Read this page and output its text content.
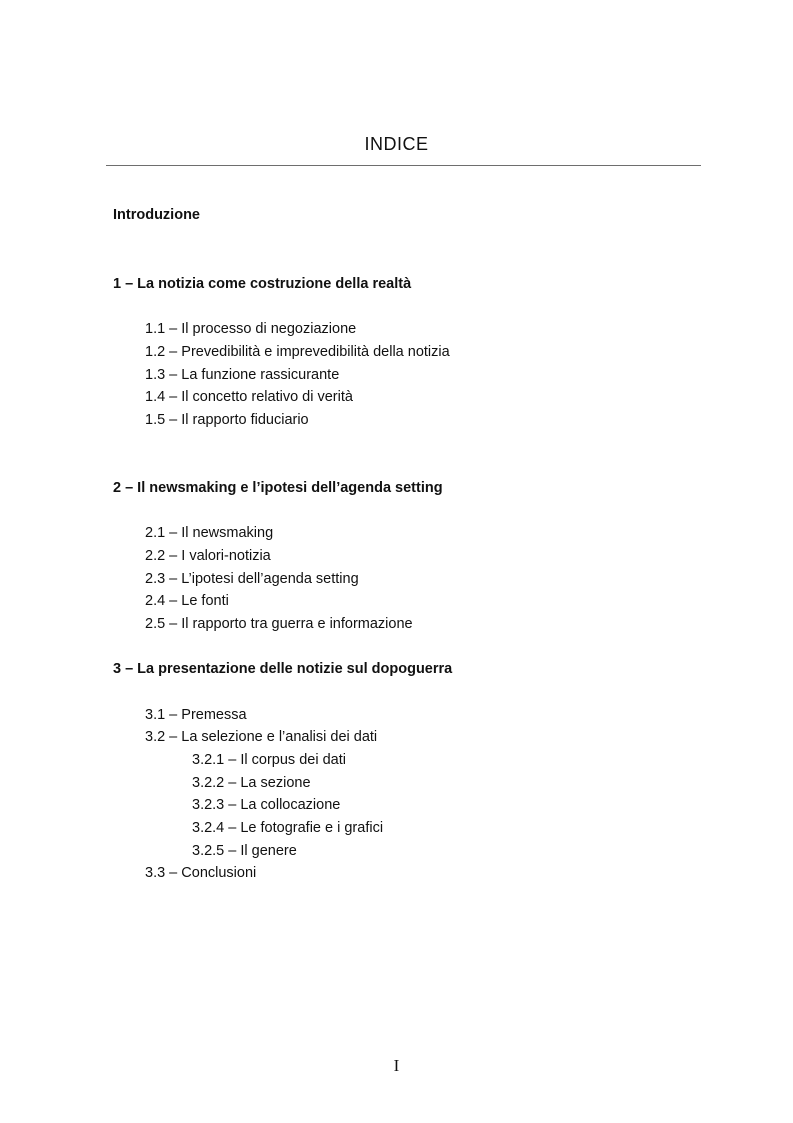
INDICE
Introduzione
1 – La notizia come costruzione della realtà
1.1 – Il processo di negoziazione
1.2 – Prevedibilità e imprevedibilità della notizia
1.3 – La funzione rassicurante
1.4 – Il concetto relativo di verità
1.5 – Il rapporto fiduciario
2 – Il newsmaking e l’ipotesi dell’agenda setting
2.1 – Il newsmaking
2.2 – I valori-notizia
2.3 – L’ipotesi dell’agenda setting
2.4 – Le fonti
2.5 – Il rapporto tra guerra e informazione
3 – La presentazione delle notizie sul dopoguerra
3.1 – Premessa
3.2 – La selezione e l’analisi dei dati
3.2.1 – Il corpus dei dati
3.2.2 – La sezione
3.2.3 – La collocazione
3.2.4 – Le fotografie e i grafici
3.2.5 – Il genere
3.3 – Conclusioni
I
